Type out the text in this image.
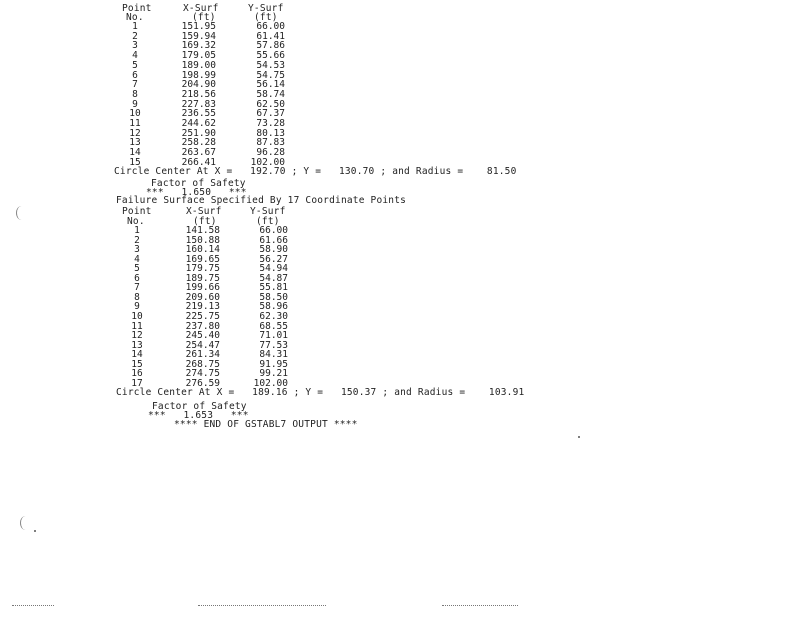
Point	X-Surf	Y-Surf
No.	(ft)	(ft)
1	151.95	66.00
2	159.94	61.41
3	169.32	57.86
4	179.05	55.66
5	189.00	54.53
6	198.99	54.75
7	204.90	56.14
8	218.56	58.74
9	227.83	62.50
10	236.55	67.37
11	244.62	73.28
12	251.90	80.13
13	258.28	87.83
14	263.67	96.28
15	266.41	102.00
Circle Center At X =   192.70 ; Y =   130.70 ; and Radius =    81.50
Factor of Safety
***   1.650   ***
Failure Surface Specified By 17 Coordinate Points
Point	X-Surf	Y-Surf
No.	(ft)	(ft)
1	141.58	66.00
2	150.88	61.66
3	160.14	58.90
4	169.65	56.27
5	179.75	54.94
6	189.75	54.87
7	199.66	55.81
8	209.60	58.50
9	219.13	58.96
10	225.75	62.30
11	237.80	68.55
12	245.40	71.01
13	254.47	77.53
14	261.34	84.31
15	268.75	91.95
16	274.75	99.21
17	276.59	102.00
Circle Center At X =   189.16 ; Y =   150.37 ; and Radius =    103.91
Factor of Safety
***   1.653   ***
**** END OF GSTABL7 OUTPUT ****
